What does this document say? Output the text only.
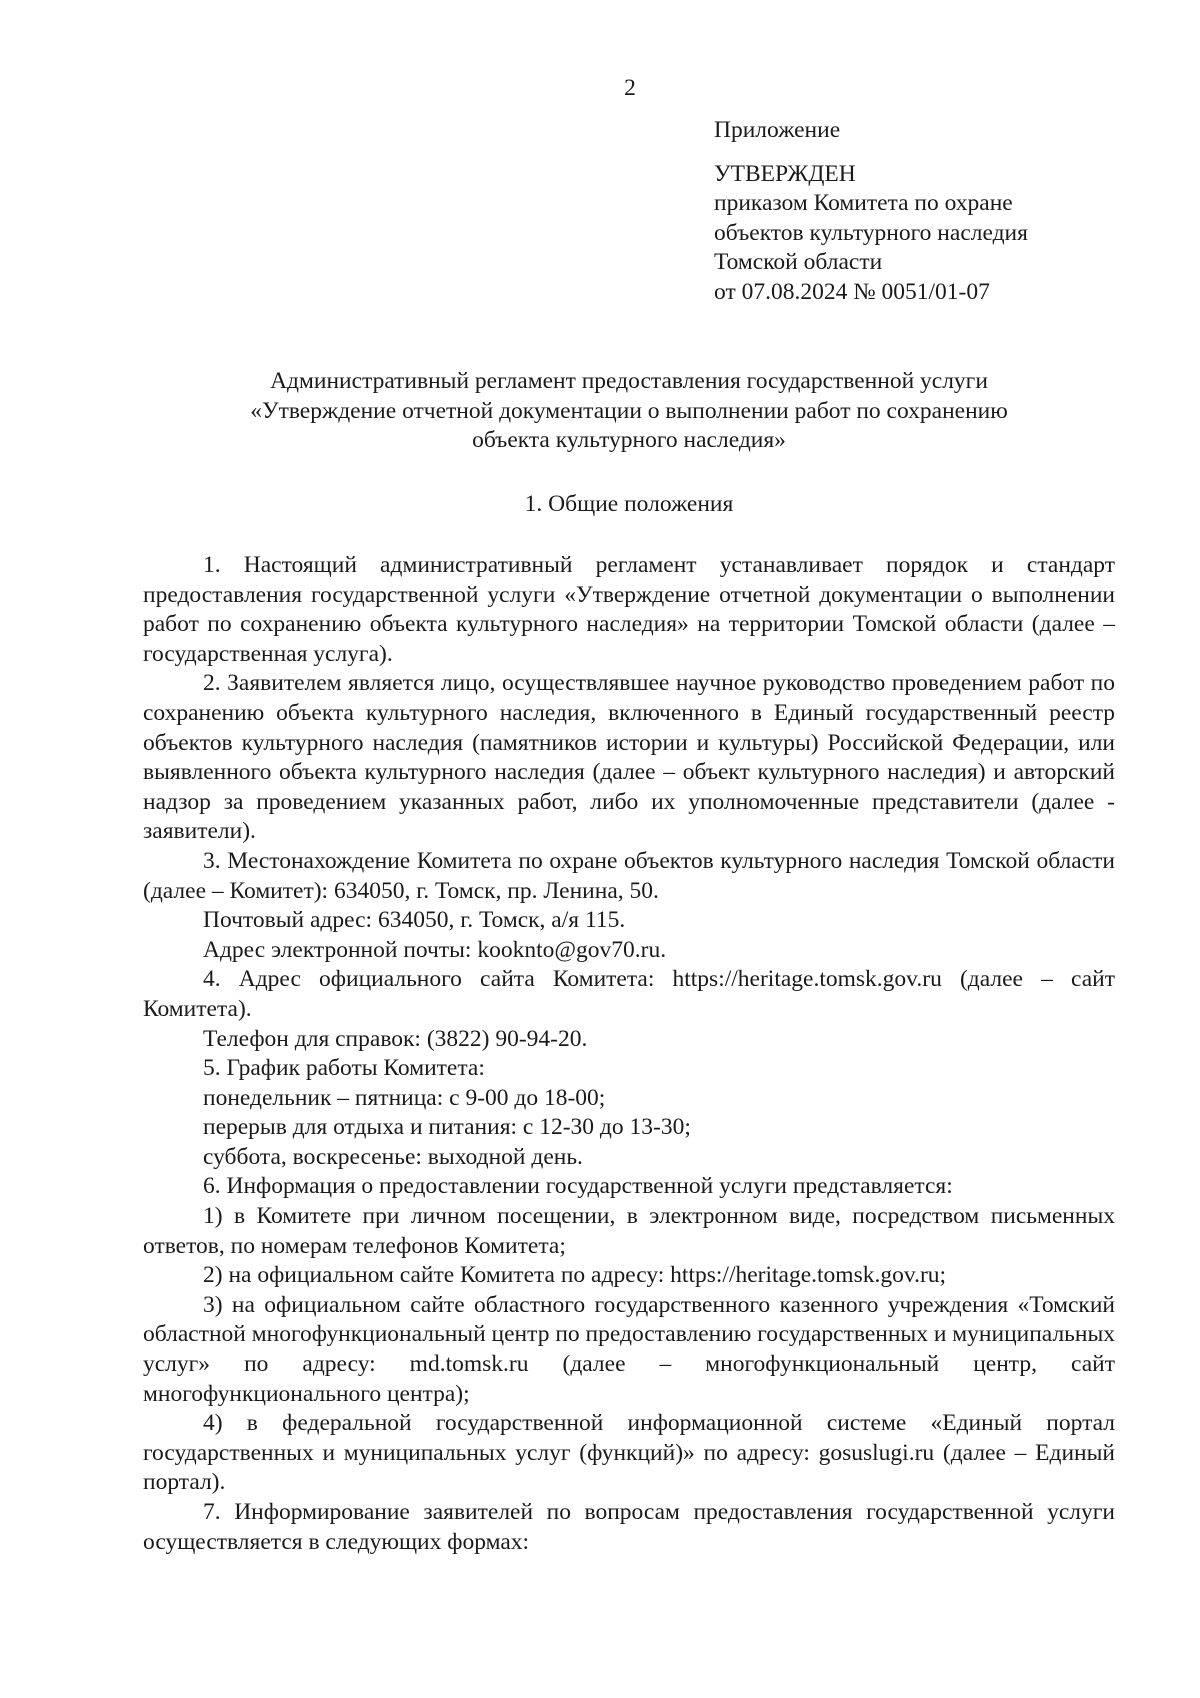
2
Приложение
УТВЕРЖДЕН
приказом Комитета по охране
объектов культурного наследия
Томской области
от 07.08.2024 № 0051/01-07
Административный регламент предоставления государственной услуги
«Утверждение отчетной документации о выполнении работ по сохранению
объекта культурного наследия»
1. Общие положения

1. Настоящий административный регламент устанавливает порядок и стандарт предоставления государственной услуги «Утверждение отчетной документации о выполнении работ по сохранению объекта культурного наследия» на территории Томской области (далее – государственная услуга).

2. Заявителем является лицо, осуществлявшее научное руководство проведением работ по сохранению объекта культурного наследия, включенного в Единый государственный реестр объектов культурного наследия (памятников истории и культуры) Российской Федерации, или выявленного объекта культурного наследия (далее – объект культурного наследия) и авторский надзор за проведением указанных работ, либо их уполномоченные представители (далее - заявители).

3. Местонахождение Комитета по охране объектов культурного наследия Томской области (далее – Комитет): 634050, г. Томск, пр. Ленина, 50.

Почтовый адрес: 634050, г. Томск, а/я 115.

Адрес электронной почты: kooknto@gov70.ru.

4. Адрес официального сайта Комитета: https://heritage.tomsk.gov.ru (далее – сайт Комитета).

Телефон для справок: (3822) 90-94-20.

5. График работы Комитета:

понедельник – пятница: с 9-00 до 18-00;

перерыв для отдыха и питания: с 12-30 до 13-30;

суббота, воскресенье: выходной день.

6. Информация о предоставлении государственной услуги представляется:

1) в Комитете при личном посещении, в электронном виде, посредством письменных ответов, по номерам телефонов Комитета;

2) на официальном сайте Комитета по адресу: https://heritage.tomsk.gov.ru;

3) на официальном сайте областного государственного казенного учреждения «Томский областной многофункциональный центр по предоставлению государственных и муниципальных услуг» по адресу: md.tomsk.ru (далее – многофункциональный центр, сайт многофункционального центра);

4) в федеральной государственной информационной системе «Единый портал государственных и муниципальных услуг (функций)» по адресу: gosuslugi.ru (далее – Единый портал).

7. Информирование заявителей по вопросам предоставления государственной услуги осуществляется в следующих формах:
